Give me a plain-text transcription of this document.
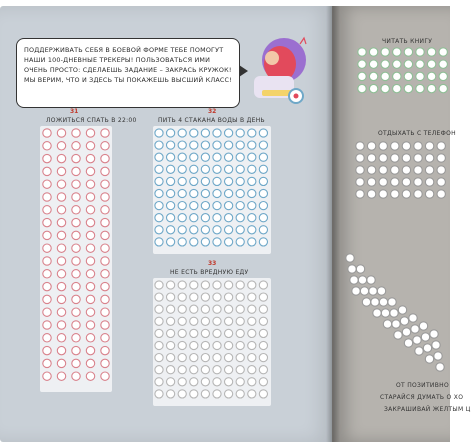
ПОДДЕРЖИВАТЬ СЕБЯ В БОЕВОЙ ФОРМЕ ТЕБЕ ПОМОГУТ НАШИ 100-ДНЕВНЫЕ ТРЕКЕРЫ! ПОЛЬЗОВАТЬСЯ ИМИ ОЧЕНЬ ПРОСТО: СДЕЛАЕШЬ ЗАДАНИЕ – ЗАКРАСЬ КРУЖОК! МЫ ВЕРИМ, ЧТО И ЗДЕСЬ ТЫ ПОКАЖЕШЬ ВЫСШИЙ КЛАСС!
31
ЛОЖИТЬСЯ СПАТЬ В 22:00
32
ПИТЬ 4 СТАКАНА ВОДЫ В ДЕНЬ
33
НЕ ЕСТЬ ВРЕДНУЮ ЕДУ
ЧИТАТЬ КНИГУ
ОТДЫХАТЬ С ТЕЛЕФОН
ОТ ПОЗИТИВНО
СТАРАЙСЯ ДУМАТЬ О ХО
ЗАКРАШИВАЙ ЖЕЛТЫМ Ц
